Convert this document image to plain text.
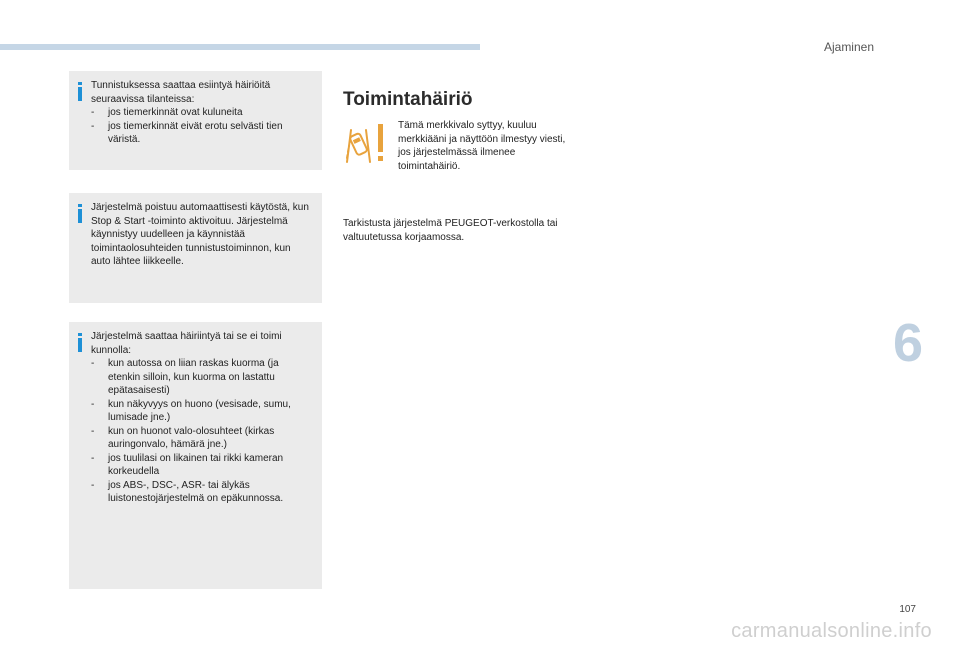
Ajaminen

Tunnistuksessa saattaa esiintyä häiriöitä seuraavissa tilanteissa:

- jos tiemerkinnät ovat kuluneita
- jos tiemerkinnät eivät erotu selvästi tien väristä.

Järjestelmä poistuu automaattisesti käytöstä, kun Stop & Start -toiminto aktivoituu. Järjestelmä käynnistyy uudelleen ja käynnistää toimintaolosuhteiden tunnistustoiminnon, kun auto lähtee liikkeelle.

Järjestelmä saattaa häiriintyä tai se ei toimi kunnolla:

- kun autossa on liian raskas kuorma (ja etenkin silloin, kun kuorma on lastattu epätasaisesti)
- kun näkyvyys on huono (vesisade, sumu, lumisade jne.)
- kun on huonot valo-olosuhteet (kirkas auringonvalo, hämärä jne.)
- jos tuulilasi on likainen tai rikki kameran korkeudella
- jos ABS-, DSC-, ASR- tai älykäs luistonestojärjestelmä on epäkunnossa.
Toimintahäiriö

Tämä merkkivalo syttyy, kuuluu merkkiääni ja näyttöön ilmestyy viesti, jos järjestelmässä ilmenee toimintahäiriö.

Tarkistusta järjestelmä PEUGEOT-verkostolla tai valtuutetussa korjaamossa.

6
107
carmanualsonline.info
